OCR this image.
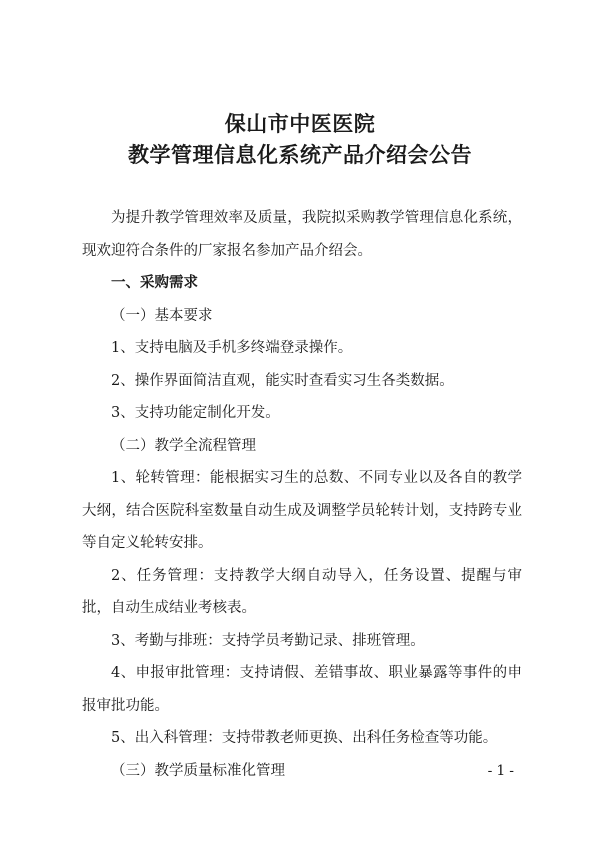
保山市中医医院
教学管理信息化系统产品介绍会公告

为提升教学管理效率及质量，我院拟采购教学管理信息化系统，现欢迎符合条件的厂家报名参加产品介绍会。

一、采购需求

（一）基本要求

1、支持电脑及手机多终端登录操作。

2、操作界面简洁直观，能实时查看实习生各类数据。

3、支持功能定制化开发。

（二）教学全流程管理

1、轮转管理：能根据实习生的总数、不同专业以及各自的教学大纲，结合医院科室数量自动生成及调整学员轮转计划，支持跨专业等自定义轮转安排。

2、任务管理：支持教学大纲自动导入，任务设置、提醒与审批，自动生成结业考核表。

3、考勤与排班：支持学员考勤记录、排班管理。

4、申报审批管理：支持请假、差错事故、职业暴露等事件的申报审批功能。

5、出入科管理：支持带教老师更换、出科任务检查等功能。

（三）教学质量标准化管理	-1-
